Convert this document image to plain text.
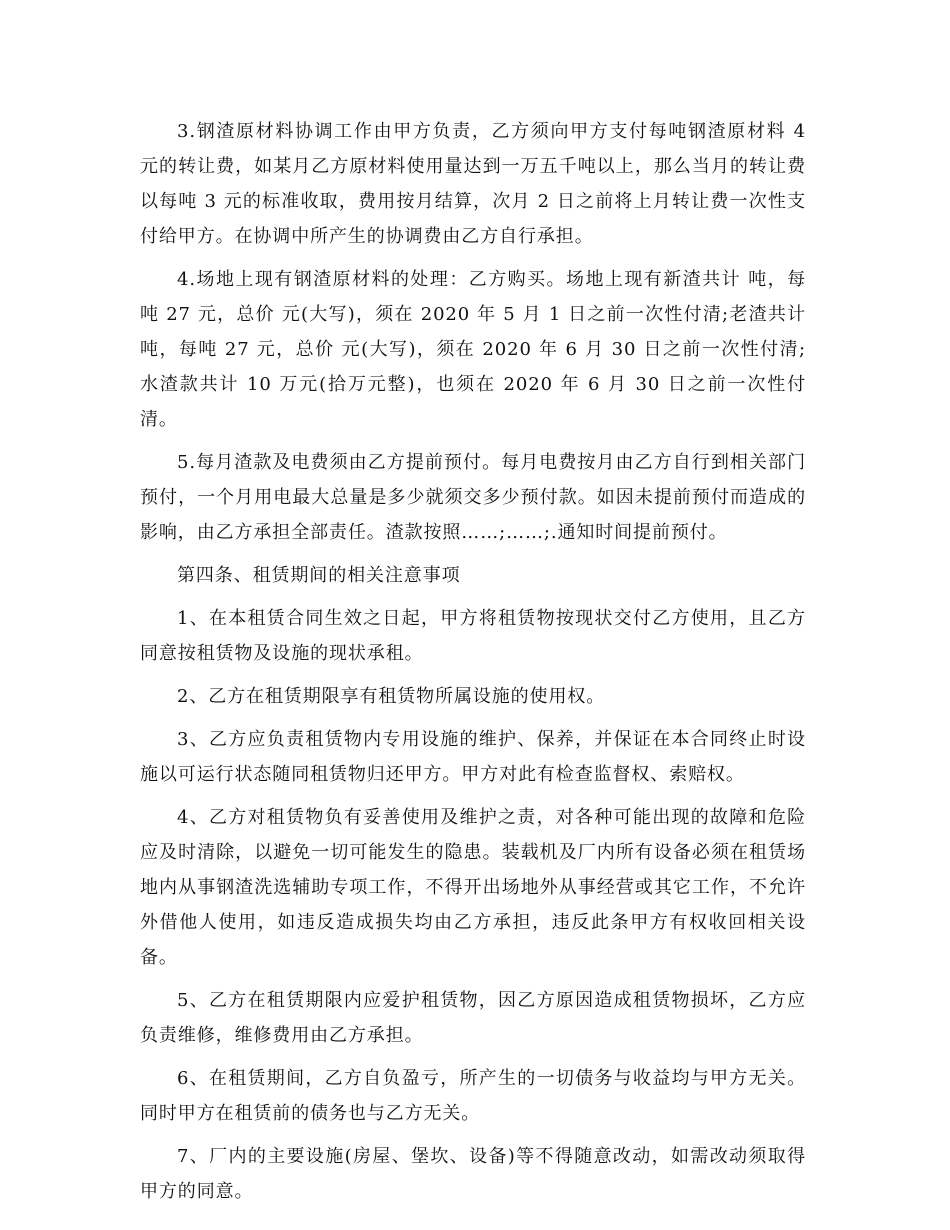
3.钢渣原材料协调工作由甲方负责，乙方须向甲方支付每吨钢渣原材料 4 元的转让费，如某月乙方原材料使用量达到一万五千吨以上，那么当月的转让费以每吨 3 元的标准收取，费用按月结算，次月 2 日之前将上月转让费一次性支付给甲方。在协调中所产生的协调费由乙方自行承担。

4.场地上现有钢渣原材料的处理：乙方购买。场地上现有新渣共计 吨，每吨 27 元，总价 元(大写)，须在 2020 年 5 月 1 日之前一次性付清;老渣共计 吨，每吨 27 元，总价 元(大写)，须在 2020 年 6 月 30 日之前一次性付清;水渣款共计 10 万元(拾万元整)，也须在 2020 年 6 月 30 日之前一次性付清。

5.每月渣款及电费须由乙方提前预付。每月电费按月由乙方自行到相关部门预付，一个月用电最大总量是多少就须交多少预付款。如因未提前预付而造成的影响，由乙方承担全部责任。渣款按照……;……;.通知时间提前预付。

第四条、租赁期间的相关注意事项

1、在本租赁合同生效之日起，甲方将租赁物按现状交付乙方使用，且乙方同意按租赁物及设施的现状承租。

2、乙方在租赁期限享有租赁物所属设施的使用权。

3、乙方应负责租赁物内专用设施的维护、保养，并保证在本合同终止时设施以可运行状态随同租赁物归还甲方。甲方对此有检查监督权、索赔权。

4、乙方对租赁物负有妥善使用及维护之责，对各种可能出现的故障和危险应及时清除，以避免一切可能发生的隐患。装载机及厂内所有设备必须在租赁场地内从事钢渣洗选辅助专项工作，不得开出场地外从事经营或其它工作，不允许外借他人使用，如违反造成损失均由乙方承担，违反此条甲方有权收回相关设备。

5、乙方在租赁期限内应爱护租赁物，因乙方原因造成租赁物损坏，乙方应负责维修，维修费用由乙方承担。

6、在租赁期间，乙方自负盈亏，所产生的一切债务与收益均与甲方无关。同时甲方在租赁前的债务也与乙方无关。

7、厂内的主要设施(房屋、堡坎、设备)等不得随意改动，如需改动须取得甲方的同意。
